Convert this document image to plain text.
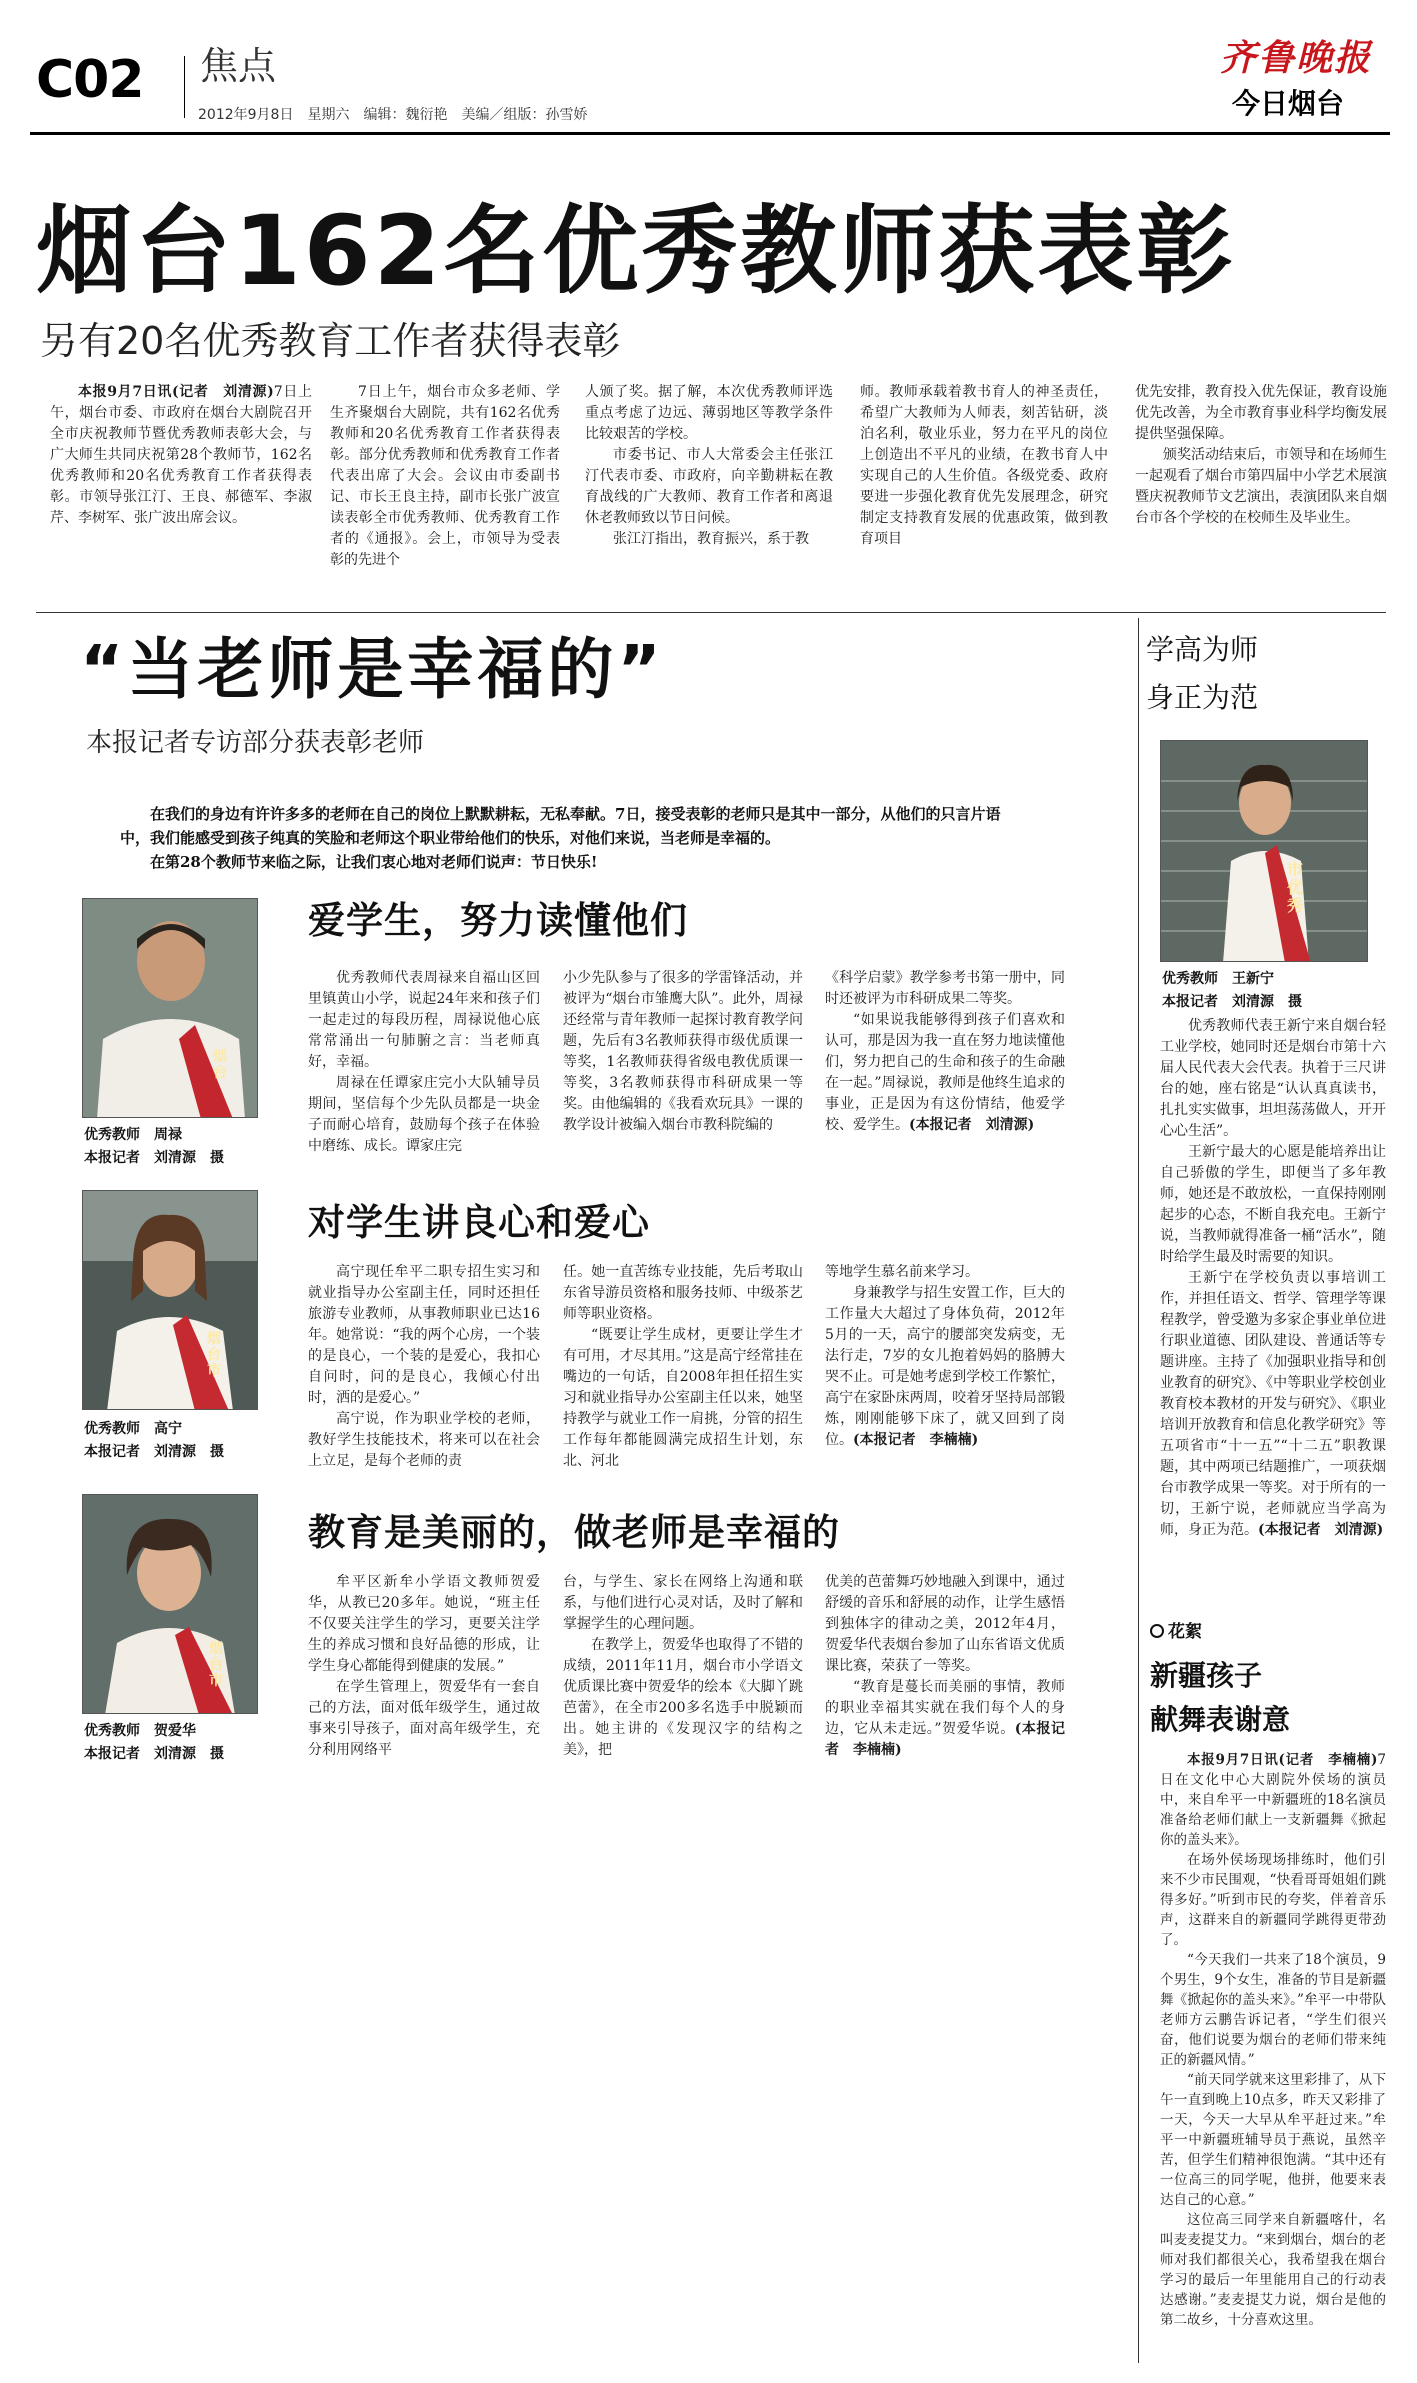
C02 焦点
2012年9月8日　星期六　编辑：魏衍艳　美编／组版：孙雪娇
齐鲁晚报
今日烟台
烟台162名优秀教师获表彰
另有20名优秀教育工作者获得表彰

本报9月7日讯(记者　刘清源)7日上午，烟台市委、市政府在烟台大剧院召开全市庆祝教师节暨优秀教师表彰大会，与广大师生共同庆祝第28个教师节，162名优秀教师和20名优秀教育工作者获得表彰。市领导张江汀、王良、郝德军、李淑芹、李树军、张广波出席会议。

7日上午，烟台市众多老师、学生齐聚烟台大剧院，共有162名优秀教师和20名优秀教育工作者获得表彰。部分优秀教师和优秀教育工作者代表出席了大会。会议由市委副书记、市长王良主持，副市长张广波宣读表彰全市优秀教师、优秀教育工作者的《通报》。会上，市领导为受表彰的先进个

人颁了奖。据了解，本次优秀教师评选重点考虑了边远、薄弱地区等教学条件比较艰苦的学校。

市委书记、市人大常委会主任张江汀代表市委、市政府，向辛勤耕耘在教育战线的广大教师、教育工作者和离退休老教师致以节日问候。

张江汀指出，教育振兴，系于教

师。教师承载着教书育人的神圣责任，希望广大教师为人师表，刻苦钻研，淡泊名利，敬业乐业，努力在平凡的岗位上创造出不平凡的业绩，在教书育人中实现自己的人生价值。各级党委、政府要进一步强化教育优先发展理念，研究制定支持教育发展的优惠政策，做到教育项目

优先安排，教育投入优先保证，教育设施优先改善，为全市教育事业科学均衡发展提供坚强保障。

颁奖活动结束后，市领导和在场师生一起观看了烟台市第四届中小学艺术展演暨庆祝教师节文艺演出，表演团队来自烟台市各个学校的在校师生及毕业生。

“当老师是幸福的”
本报记者专访部分获表彰老师

在我们的身边有许许多多的老师在自己的岗位上默默耕耘，无私奉献。7日，接受表彰的老师只是其中一部分，从他们的只言片语中，我们能感受到孩子纯真的笑脸和老师这个职业带给他们的快乐，对他们来说，当老师是幸福的。

在第28个教师节来临之际，让我们衷心地对老师们说声：节日快乐!

烟台
优秀教师　周禄
本报记者　刘清源　摄
爱学生，努力读懂他们

优秀教师代表周禄来自福山区回里镇黄山小学，说起24年来和孩子们一起走过的每段历程，周禄说他心底常常涌出一句肺腑之言：当老师真好，幸福。

周禄在任谭家庄完小大队辅导员期间，坚信每个少先队员都是一块金子而耐心培育，鼓励每个孩子在体验中磨练、成长。谭家庄完

小少先队参与了很多的学雷锋活动，并被评为“烟台市雏鹰大队”。此外，周禄还经常与青年教师一起探讨教育教学问题，先后有3名教师获得市级优质课一等奖，1名教师获得省级电教优质课一等奖，3名教师获得市科研成果一等奖。由他编辑的《我看欢玩具》一课的教学设计被编入烟台市教科院编的

《科学启蒙》教学参考书第一册中，同时还被评为市科研成果二等奖。

“如果说我能够得到孩子们喜欢和认可，那是因为我一直在努力地读懂他们，努力把自己的生命和孩子的生命融在一起。”周禄说，教师是他终生追求的事业，正是因为有这份情结，他爱学校、爱学生。(本报记者　刘清源)

烟台市
优秀教师　高宁
本报记者　刘清源　摄
对学生讲良心和爱心

高宁现任牟平二职专招生实习和就业指导办公室副主任，同时还担任旅游专业教师，从事教师职业已达16年。她常说：“我的两个心房，一个装的是良心，一个装的是爱心，我扣心自问时，问的是良心，我倾心付出时，洒的是爱心。”

高宁说，作为职业学校的老师，教好学生技能技术，将来可以在社会上立足，是每个老师的责

任。她一直苦练专业技能，先后考取山东省导游员资格和服务技师、中级茶艺师等职业资格。

“既要让学生成材，更要让学生才有可用，才尽其用。”这是高宁经常挂在嘴边的一句话，自2008年担任招生实习和就业指导办公室副主任以来，她坚持教学与就业工作一肩挑，分管的招生工作每年都能圆满完成招生计划，东北、河北

等地学生慕名前来学习。

身兼教学与招生安置工作，巨大的工作量大大超过了身体负荷，2012年5月的一天，高宁的腰部突发病变，无法行走，7岁的女儿抱着妈妈的胳膊大哭不止。可是她考虑到学校工作繁忙，高宁在家卧床两周，咬着牙坚持局部锻炼，刚刚能够下床了，就又回到了岗位。(本报记者　李楠楠)

烟台市
优秀教师　贺爱华
本报记者　刘清源　摄
教育是美丽的，做老师是幸福的

牟平区新牟小学语文教师贺爱华，从教已20多年。她说，“班主任不仅要关注学生的学习，更要关注学生的养成习惯和良好品德的形成，让学生身心都能得到健康的发展。”

在学生管理上，贺爱华有一套自己的方法，面对低年级学生，通过故事来引导孩子，面对高年级学生，充分利用网络平

台，与学生、家长在网络上沟通和联系，与他们进行心灵对话，及时了解和掌握学生的心理问题。

在教学上，贺爱华也取得了不错的成绩，2011年11月，烟台市小学语文优质课比赛中贺爱华的绘本《大脚丫跳芭蕾》，在全市200多名选手中脱颖而出。她主讲的《发现汉字的结构之美》，把

优美的芭蕾舞巧妙地融入到课中，通过舒缓的音乐和舒展的动作，让学生感悟到独体字的律动之美，2012年4月，贺爱华代表烟台参加了山东省语文优质课比赛，荣获了一等奖。

“教育是蔓长而美丽的事情，教师的职业幸福其实就在我们每个人的身边，它从未走远。”贺爱华说。(本报记者　李楠楠)

学高为师
身正为范
市优秀
优秀教师　王新宁
本报记者　刘清源　摄

优秀教师代表王新宁来自烟台轻工业学校，她同时还是烟台市第十六届人民代表大会代表。执着于三尺讲台的她，座右铭是“认认真真读书，扎扎实实做事，坦坦荡荡做人，开开心心生活”。

王新宁最大的心愿是能培养出让自己骄傲的学生，即便当了多年教师，她还是不敢放松，一直保持刚刚起步的心态，不断自我充电。王新宁说，当教师就得准备一桶“活水”，随时给学生最及时需要的知识。

王新宁在学校负责以事培训工作，并担任语文、哲学、管理学等课程教学，曾受邀为多家企事业单位进行职业道德、团队建设、普通话等专题讲座。主持了《加强职业指导和创业教育的研究》、《中等职业学校创业教育校本教材的开发与研究》、《职业培训开放教育和信息化教学研究》等五项省市“十一五”“十二五”职教课题，其中两项已结题推广，一项获烟台市教学成果一等奖。对于所有的一切，王新宁说，老师就应当学高为师，身正为范。(本报记者　刘清源)

花絮
新疆孩子
献舞表谢意

本报9月7日讯(记者　李楠楠)7日在文化中心大剧院外侯场的演员中，来自牟平一中新疆班的18名演员准备给老师们献上一支新疆舞《掀起你的盖头来》。

在场外侯场现场排练时，他们引来不少市民围观，“快看哥哥姐姐们跳得多好。”听到市民的夸奖，伴着音乐声，这群来自的新疆同学跳得更带劲了。

“今天我们一共来了18个演员，9个男生，9个女生，准备的节目是新疆舞《掀起你的盖头来》。”牟平一中带队老师方云鹏告诉记者，“学生们很兴奋，他们说要为烟台的老师们带来纯正的新疆风情。”

“前天同学就来这里彩排了，从下午一直到晚上10点多，昨天又彩排了一天，今天一大早从牟平赶过来。”牟平一中新疆班辅导员于燕说，虽然辛苦，但学生们精神很饱满。“其中还有一位高三的同学呢，他拼，他要来表达自己的心意。”

这位高三同学来自新疆喀什，名叫麦麦提艾力。“来到烟台，烟台的老师对我们都很关心，我希望我在烟台学习的最后一年里能用自己的行动表达感谢。”麦麦提艾力说，烟台是他的第二故乡，十分喜欢这里。
